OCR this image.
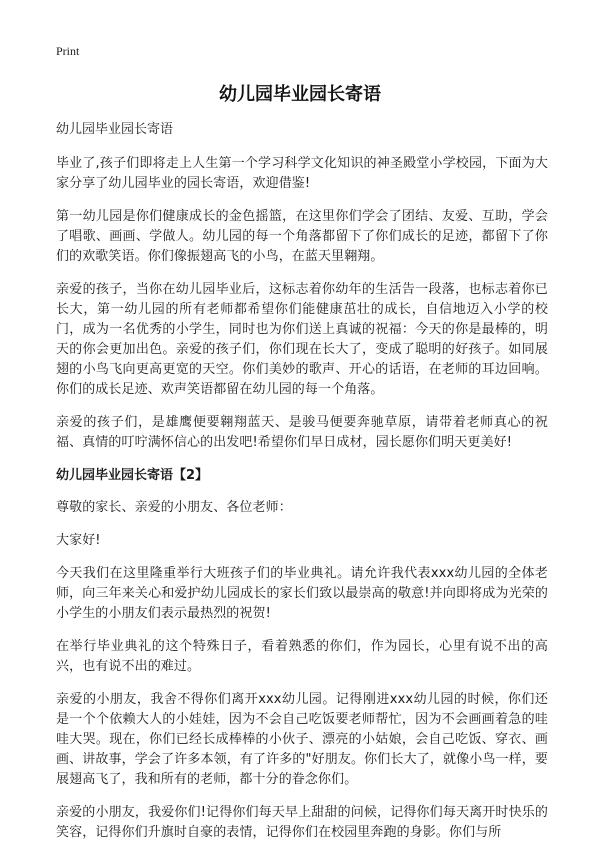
Print
幼儿园毕业园长寄语

幼儿园毕业园长寄语

毕业了,孩子们即将走上人生第一个学习科学文化知识的神圣殿堂小学校园，下面为大家分享了幼儿园毕业的园长寄语，欢迎借鉴!

第一幼儿园是你们健康成长的金色摇篮，在这里你们学会了团结、友爱、互助，学会了唱歌、画画、学做人。幼儿园的每一个角落都留下了你们成长的足迹，都留下了你们的欢歌笑语。你们像振翅高飞的小鸟，在蓝天里翱翔。

亲爱的孩子，当你在幼儿园毕业后，这标志着你幼年的生活告一段落，也标志着你已长大，第一幼儿园的所有老师都希望你们能健康茁壮的成长，自信地迈入小学的校门，成为一名优秀的小学生，同时也为你们送上真诚的祝福：今天的你是最棒的，明天的你会更加出色。亲爱的孩子们，你们现在长大了，变成了聪明的好孩子。如同展翅的小鸟飞向更高更宽的天空。你们美妙的歌声、开心的话语，在老师的耳边回响。你们的成长足迹、欢声笑语都留在幼儿园的每一个角落。

亲爱的孩子们，是雄鹰便要翱翔蓝天、是骏马便要奔驰草原，请带着老师真心的祝福、真情的叮咛满怀信心的出发吧!希望你们早日成材，园长愿你们明天更美好!

幼儿园毕业园长寄语【2】

尊敬的家长、亲爱的小朋友、各位老师：

大家好!

今天我们在这里隆重举行大班孩子们的毕业典礼。请允许我代表xxx幼儿园的全体老师，向三年来关心和爱护幼儿园成长的家长们致以最崇高的敬意!并向即将成为光荣的小学生的小朋友们表示最热烈的祝贺!

在举行毕业典礼的这个特殊日子，看着熟悉的你们，作为园长，心里有说不出的高兴，也有说不出的难过。

亲爱的小朋友，我舍不得你们离开xxx幼儿园。记得刚进xxx幼儿园的时候，你们还是一个个依赖大人的小娃娃，因为不会自己吃饭要老师帮忙，因为不会画画着急的哇哇大哭。现在，你们已经长成棒棒的小伙子、漂亮的小姑娘，会自己吃饭、穿衣、画画、讲故事，学会了许多本领，有了许多的"好朋友。你们长大了，就像小鸟一样，要展翅高飞了，我和所有的老师，都十分的眷念你们。

亲爱的小朋友，我爱你们!记得你们每天早上甜甜的问候，记得你们每天离开时快乐的笑容，记得你们升旗时自豪的表情，记得你们在校园里奔跑的身影。你们与所
